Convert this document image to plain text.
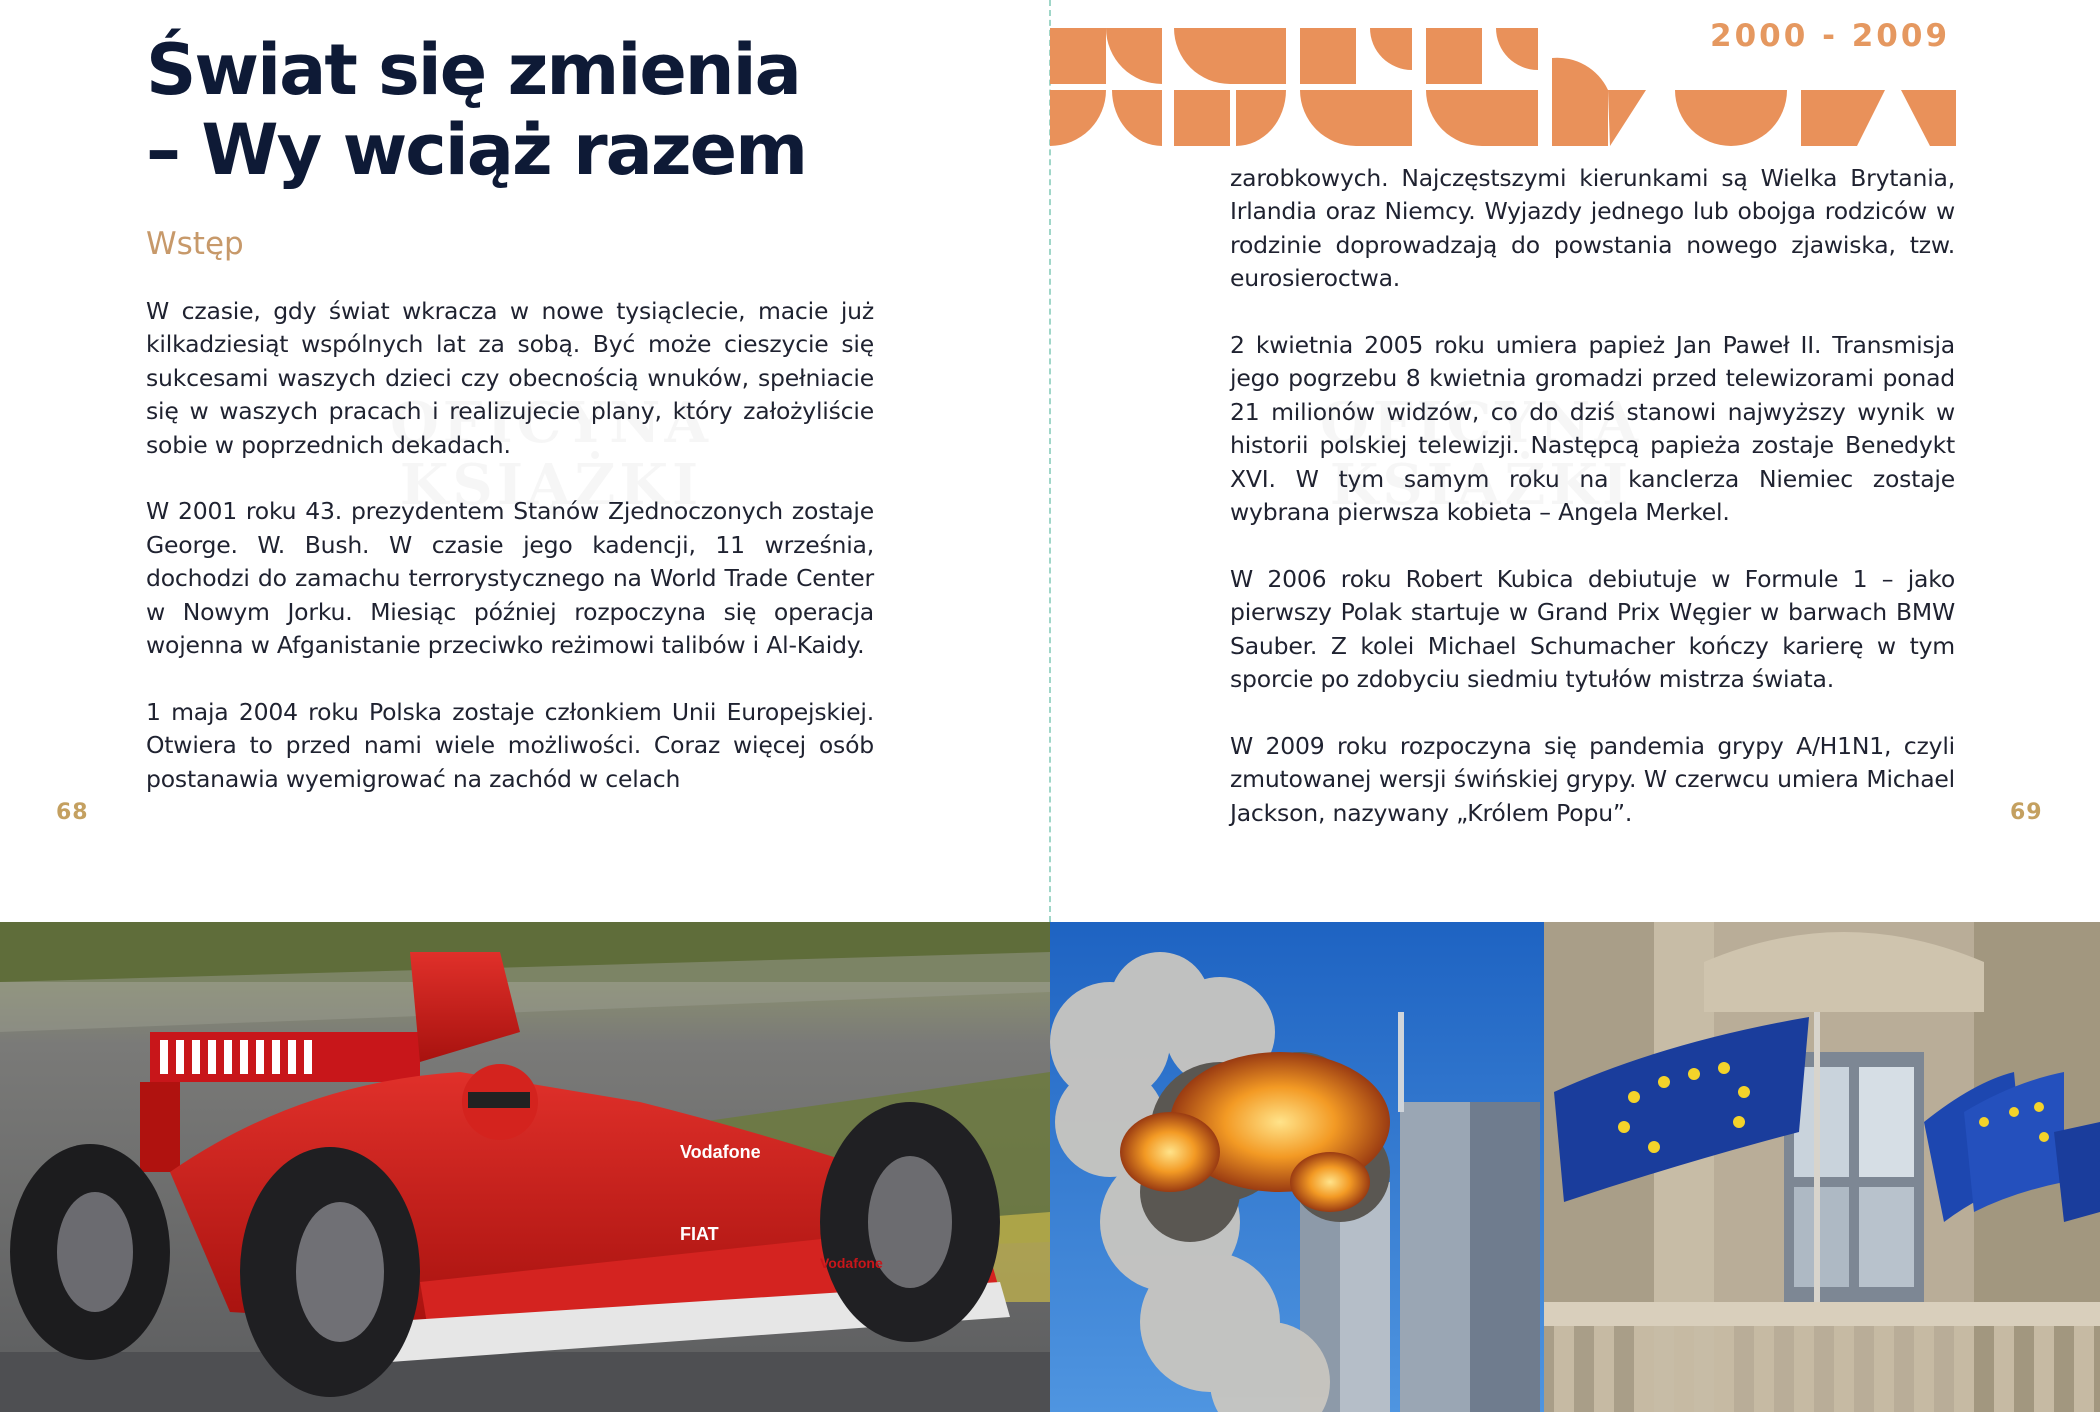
Świat się zmienia
– Wy wciąż razem
Wstęp

W czasie, gdy świat wkracza w nowe tysiąclecie, macie już kilkadziesiąt wspólnych lat za sobą. Być może cieszycie się sukcesami waszych dzieci czy obecnością wnuków, spełniacie się w waszych pracach i realizujecie plany, który założyliście sobie w poprzednich dekadach.

W 2001 roku 43. prezydentem Stanów Zjednoczonych zostaje George. W. Bush. W czasie jego kadencji, 11 września, dochodzi do zamachu terrorystycznego na World Trade Center w Nowym Jorku. Miesiąc później rozpoczyna się operacja wojenna w Afganistanie przeciwko reżimowi talibów i Al-Kaidy.

1 maja 2004 roku Polska zostaje członkiem Unii Europejskiej. Otwiera to przed nami wiele możliwości. Coraz więcej osób postanawia wyemigrować na zachód w celach

68
2000 - 2009

zarobkowych. Najczęstszymi kierunkami są Wielka Brytania, Irlandia oraz Niemcy. Wyjazdy jednego lub obojga rodziców w rodzinie doprowadzają do powstania nowego zjawiska, tzw. eurosieroctwa.

2 kwietnia 2005 roku umiera papież Jan Paweł II. Transmisja jego pogrzebu 8 kwietnia gromadzi przed telewizorami ponad 21 milionów widzów, co do dziś stanowi najwyższy wynik w historii polskiej telewizji. Następcą papieża zostaje Benedykt XVI. W tym samym roku na kanclerza Niemiec zostaje wybrana pierwsza kobieta – Angela Merkel.

W 2006 roku Robert Kubica debiutuje w Formule 1 – jako pierwszy Polak startuje w Grand Prix Węgier w barwach BMW Sauber. Z kolei Michael Schumacher kończy karierę w tym sporcie po zdobyciu siedmiu tytułów mistrza świata.

W 2009 roku rozpoczyna się pandemia grypy A/H1N1, czyli zmutowanej wersji świńskiej grypy. W czerwcu umiera Michael Jackson, nazywany „Królem Popu”.	69
Vodafone
FIAT
Vodafone
